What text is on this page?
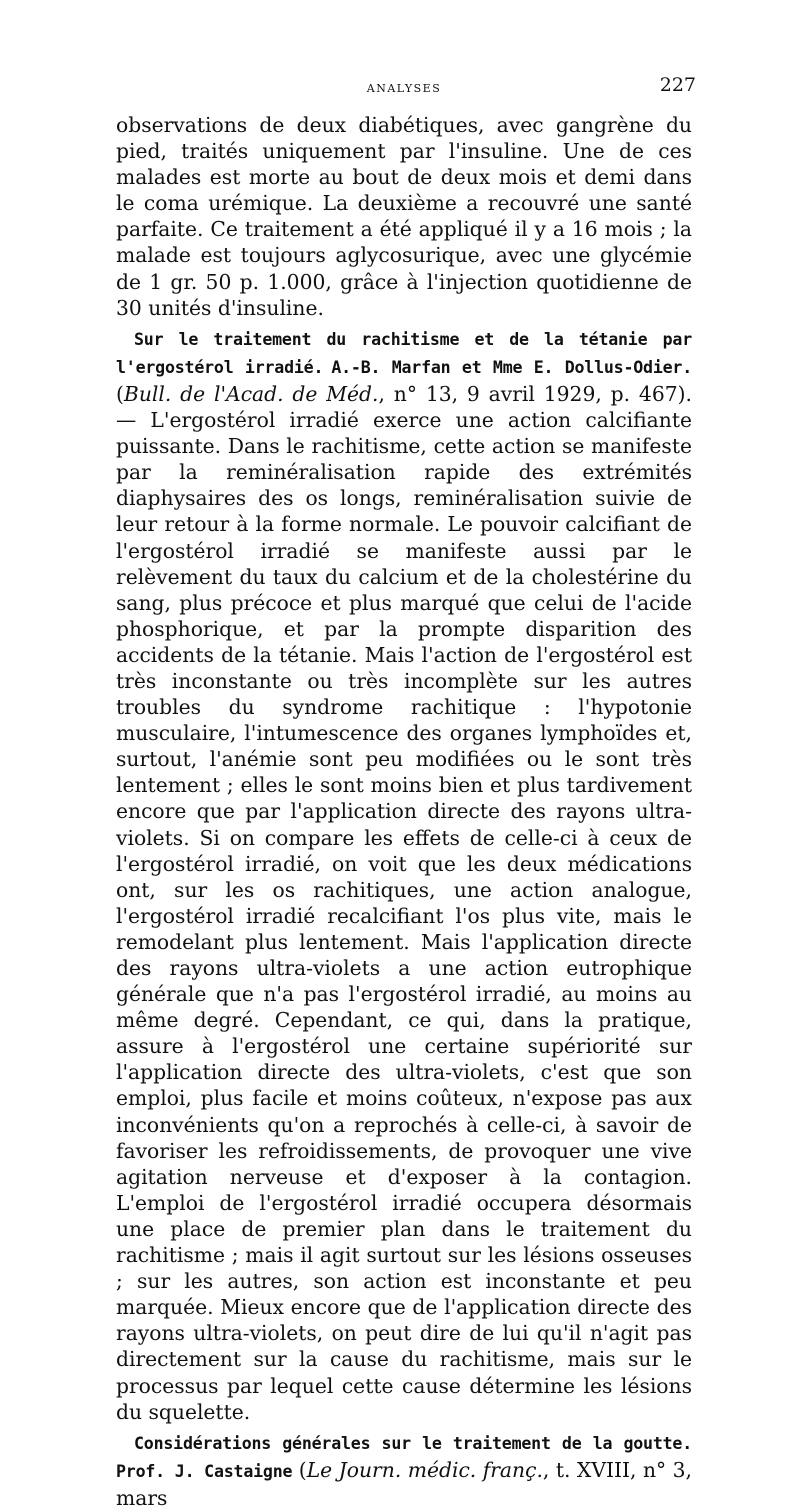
ANALYSES	227

observations de deux diabétiques, avec gangrène du pied, traités uniquement par l'insuline. Une de ces malades est morte au bout de deux mois et demi dans le coma urémique. La deuxième a recouvré une santé parfaite. Ce traitement a été appliqué il y a 16 mois ; la malade est toujours aglycosurique, avec une glycémie de 1 gr. 50 p. 1.000, grâce à l'injection quotidienne de 30 unités d'insuline.

Sur le traitement du rachitisme et de la tétanie par l'ergostérol irradié. A.-B. Marfan et Mme E. Dollus-Odier. (Bull. de l'Acad. de Méd., n° 13, 9 avril 1929, p. 467). — L'ergostérol irradié exerce une action calcifiante puissante. Dans le rachitisme, cette action se manifeste par la reminéralisation rapide des extrémités diaphysaires des os longs, reminéralisation suivie de leur retour à la forme normale. Le pouvoir calcifiant de l'ergostérol irradié se manifeste aussi par le relèvement du taux du calcium et de la cholestérine du sang, plus précoce et plus marqué que celui de l'acide phosphorique, et par la prompte disparition des accidents de la tétanie. Mais l'action de l'ergostérol est très inconstante ou très incomplète sur les autres troubles du syndrome rachitique : l'hypotonie musculaire, l'intumescence des organes lymphoïdes et, surtout, l'anémie sont peu modifiées ou le sont très lentement ; elles le sont moins bien et plus tardivement encore que par l'application directe des rayons ultra-violets. Si on compare les effets de celle-ci à ceux de l'ergostérol irradié, on voit que les deux médications ont, sur les os rachitiques, une action analogue, l'ergostérol irradié recalcifiant l'os plus vite, mais le remodelant plus lentement. Mais l'application directe des rayons ultra-violets a une action eutrophique générale que n'a pas l'ergostérol irradié, au moins au même degré. Cependant, ce qui, dans la pratique, assure à l'ergostérol une certaine supériorité sur l'application directe des ultra-violets, c'est que son emploi, plus facile et moins coûteux, n'expose pas aux inconvénients qu'on a reprochés à celle-ci, à savoir de favoriser les refroidissements, de provoquer une vive agitation nerveuse et d'exposer à la contagion. L'emploi de l'ergostérol irradié occupera désormais une place de premier plan dans le traitement du rachitisme ; mais il agit surtout sur les lésions osseuses ; sur les autres, son action est inconstante et peu marquée. Mieux encore que de l'application directe des rayons ultra-violets, on peut dire de lui qu'il n'agit pas directement sur la cause du rachitisme, mais sur le processus par lequel cette cause détermine les lésions du squelette.

Considérations générales sur le traitement de la goutte. Prof. J. Castaigne (Le Journ. médic. franç., t. XVIII, n° 3, mars
